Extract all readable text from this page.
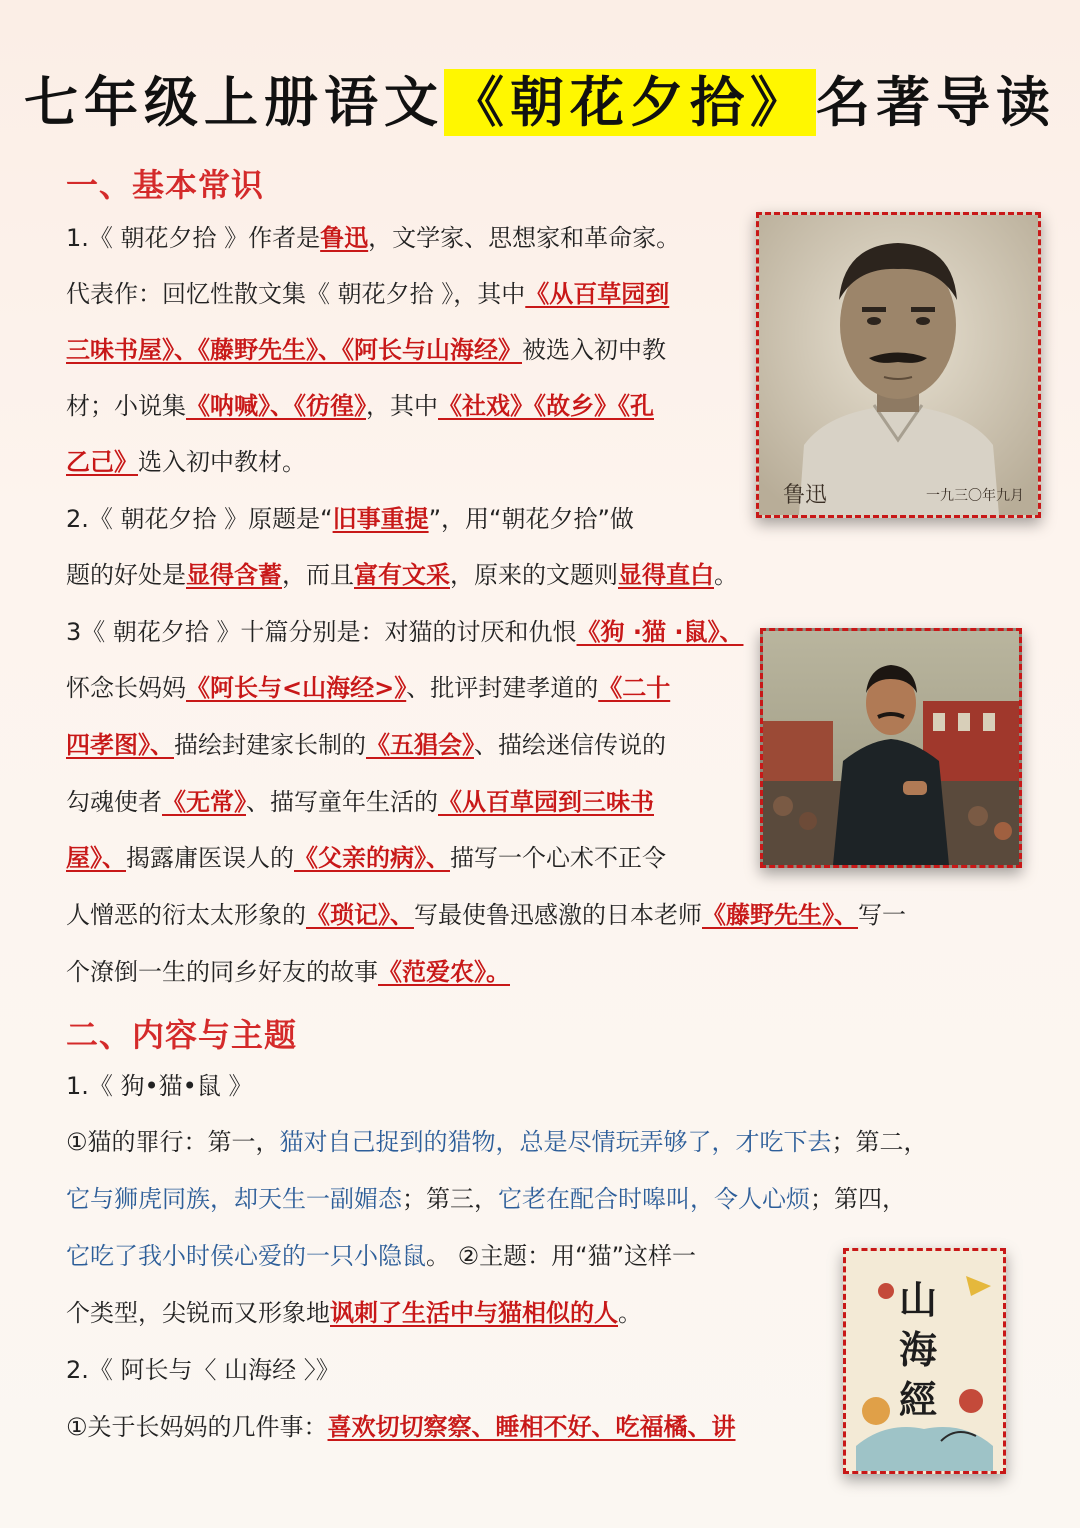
七年级上册语文 《朝花夕拾》 名著导读
一、基本常识
1.《 朝花夕拾 》作者是鲁迅，文学家、思想家和革命家。
代表作：回忆性散文集《 朝花夕拾 》，其中《从百草园到
三味书屋》、《藤野先生》、《阿长与山海经》被选入初中教
材；小说集《呐喊》、《彷徨》，其中《社戏》《故乡》《孔
乙己》选入初中教材。
2.《 朝花夕拾 》原题是“旧事重提”，用“朝花夕拾”做
题的好处是显得含蓄，而且富有文采，原来的文题则显得直白。
3《 朝花夕拾 》十篇分别是：对猫的讨厌和仇恨《狗 ·猫 ·鼠》、
怀念长妈妈《阿长与<山海经>》、批评封建孝道的《二十
四孝图》、描绘封建家长制的《五猖会》、描绘迷信传说的
勾魂使者《无常》、描写童年生活的《从百草园到三味书
屋》、揭露庸医误人的《父亲的病》、描写一个心术不正令
人憎恶的衍太太形象的《琐记》、写最使鲁迅感激的日本老师《藤野先生》、写一
个潦倒一生的同乡好友的故事《范爱农》。
二、内容与主题
1.《 狗•猫•鼠 》
①猫的罪行：第一，猫对自己捉到的猎物，总是尽情玩弄够了，才吃下去；第二，
它与狮虎同族，却天生一副媚态；第三，它老在配合时嗥叫，令人心烦；第四，
它吃了我小时侯心爱的一只小隐鼠。 ②主题：用“猫”这样一
个类型，尖锐而又形象地讽刺了生活中与猫相似的人。
2.《 阿长与〈 山海经 〉》
①关于长妈妈的几件事：喜欢切切察察、睡相不好、吃福橘、讲
鲁迅	一九三〇年九月
山海經
